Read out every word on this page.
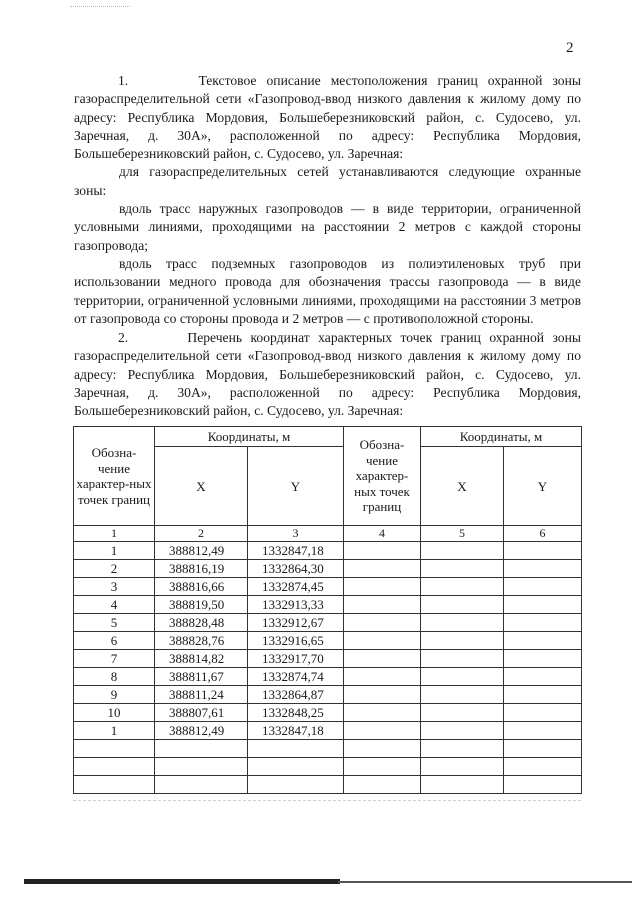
2

1.       Текстовое описание местоположения границ охранной зоны газораспределительной сети «Газопровод-ввод низкого давления к жилому дому по адресу: Республика Мордовия, Большеберезниковский район, с. Судосево, ул. Заречная, д. 30А», расположенной по адресу: Республика Мордовия, Большеберезниковский район, с. Судосево, ул. Заречная:

для газораспределительных сетей устанавливаются следующие охранные зоны:

вдоль трасс наружных газопроводов — в виде территории, ограниченной условными линиями, проходящими на расстоянии 2 метров с каждой стороны газопровода;

вдоль трасс подземных газопроводов из полиэтиленовых труб при использовании медного провода для обозначения трассы газопровода — в виде территории, ограниченной условными линиями, проходящими на расстоянии 3 метров от газопровода со стороны провода и 2 метров — с противоположной стороны.

2.       Перечень координат характерных точек границ охранной зоны газораспределительной сети «Газопровод-ввод низкого давления к жилому дому по адресу: Республика Мордовия, Большеберезниковский район, с. Судосево, ул. Заречная, д. 30А», расположенной по адресу: Республика Мордовия, Большеберезниковский район, с. Судосево, ул. Заречная:

Обозна-чение характер-ных точек границ	Координаты, м		Обозна-чение характер-ных точек границ	Координаты, м	
	X	Y		X	Y
1	2	3	4	5	6
1	388812,49	1332847,18			
2	388816,19	1332864,30			
3	388816,66	1332874,45			
4	388819,50	1332913,33			
5	388828,48	1332912,67			
6	388828,76	1332916,65			
7	388814,82	1332917,70			
8	388811,67	1332874,74			
9	388811,24	1332864,87			
10	388807,61	1332848,25			
1	388812,49	1332847,18			
